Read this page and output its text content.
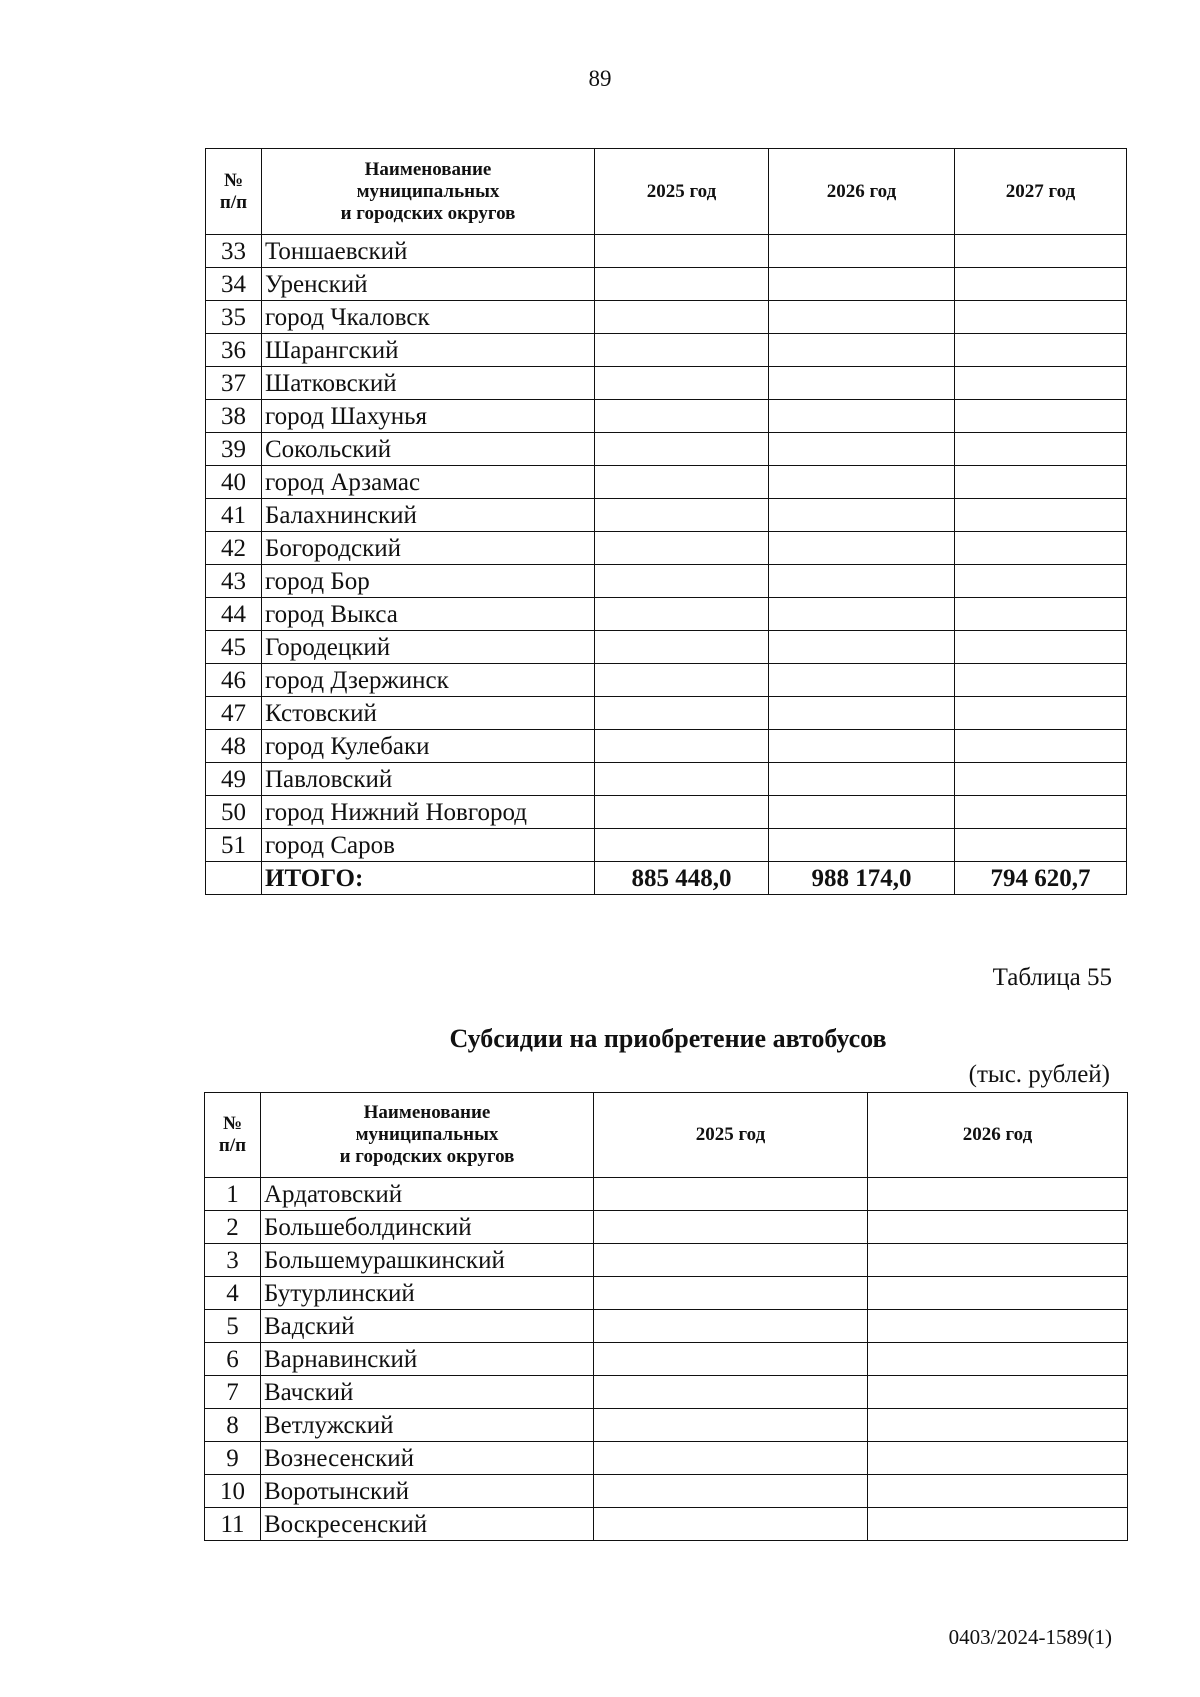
89
№
п/п	Наименование
муниципальных
и городских округов	2025 год	2026 год	2027 год
33	Тоншаевский			
34	Уренский			
35	город Чкаловск			
36	Шарангский			
37	Шатковский			
38	город Шахунья			
39	Сокольский			
40	город Арзамас			
41	Балахнинский			
42	Богородский			
43	город Бор			
44	город Выкса			
45	Городецкий			
46	город Дзержинск			
47	Кстовский			
48	город Кулебаки			
49	Павловский			
50	город Нижний Новгород			
51	город Саров			
	ИТОГО:	885 448,0	988 174,0	794 620,7
Таблица 55
Субсидии на приобретение автобусов
(тыс. рублей)
№
п/п	Наименование
муниципальных
и городских округов	2025 год	2026 год
1	Ардатовский		
2	Большеболдинский		
3	Большемурашкинский		
4	Бутурлинский		
5	Вадский		
6	Варнавинский		
7	Вачский		
8	Ветлужский		
9	Вознесенский		
10	Воротынский		
11	Воскресенский		
0403/2024-1589(1)
